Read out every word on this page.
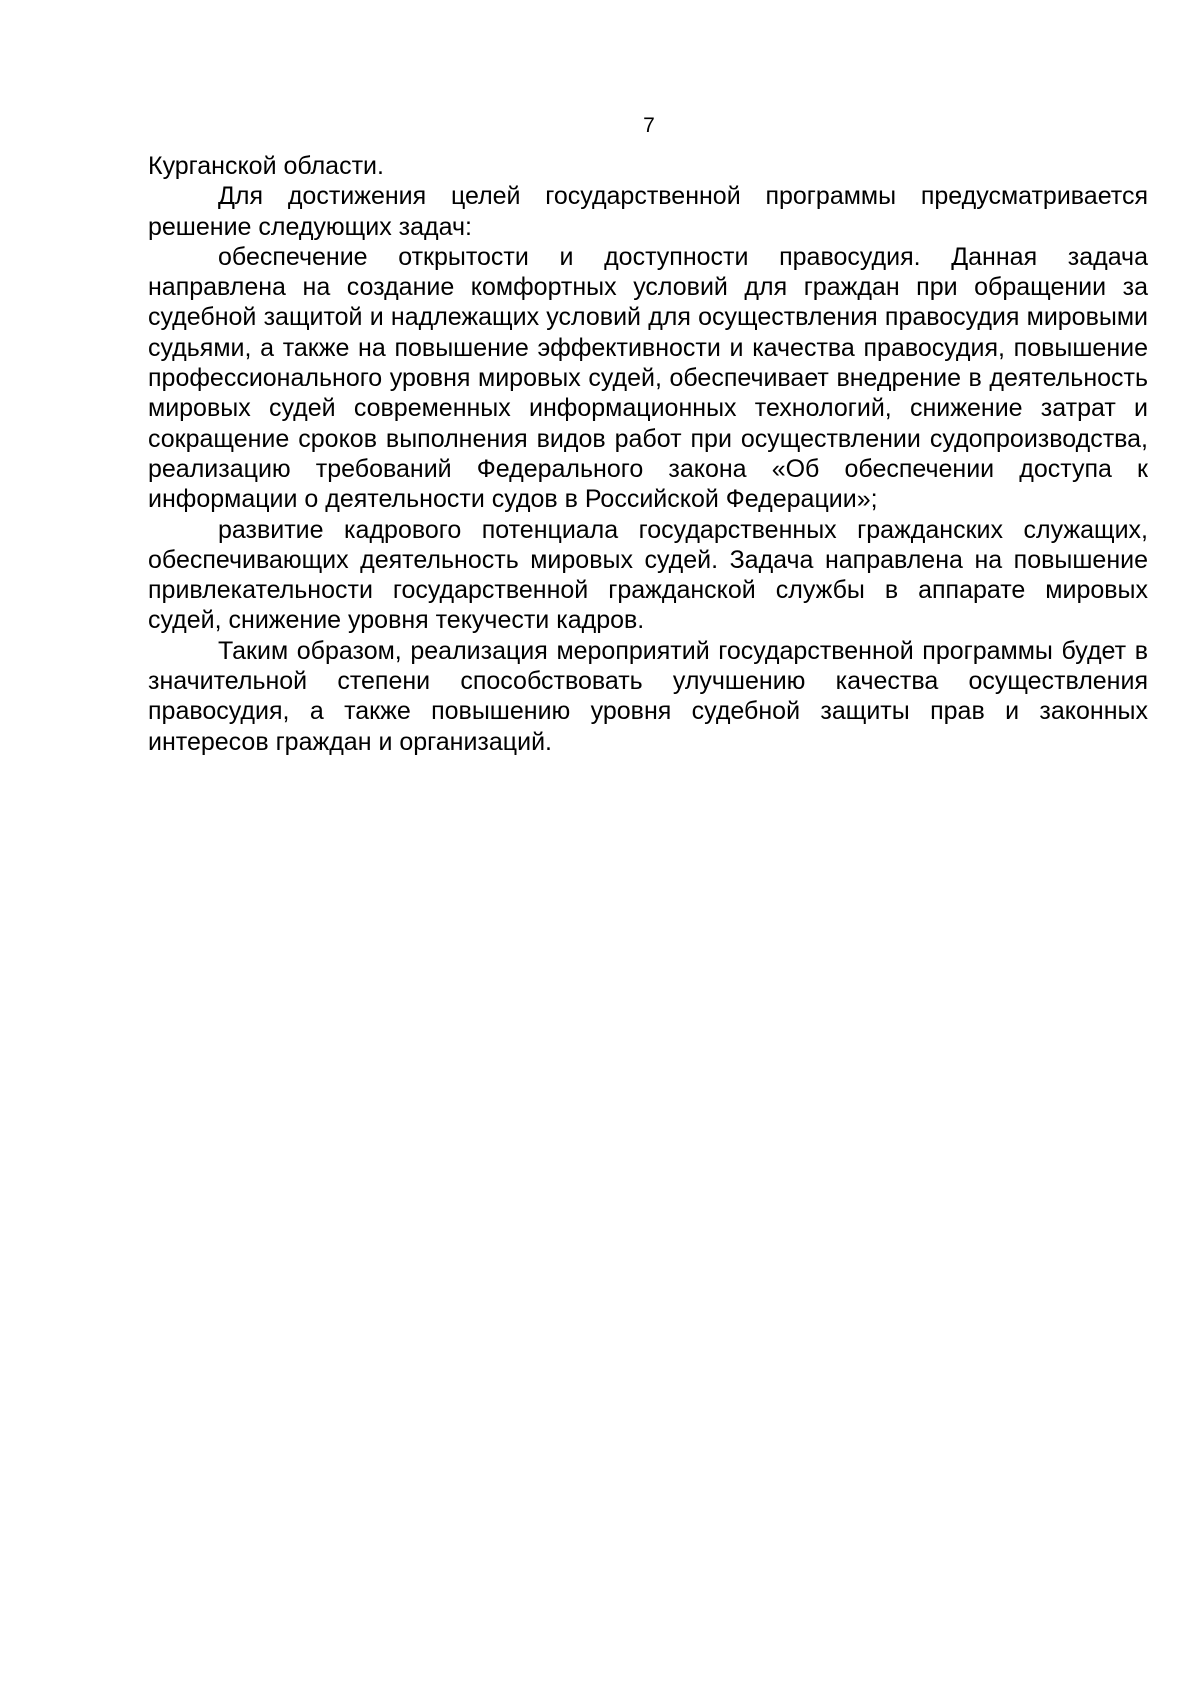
7

Курганской области.

Для достижения целей государственной программы предусматривается решение следующих задач:

обеспечение открытости и доступности правосудия. Данная задача направлена на создание комфортных условий для граждан при обращении за судебной защитой и надлежащих условий для осуществления правосудия мировыми судьями, а также на повышение эффективности и качества правосудия, повышение профессионального уровня мировых судей, обеспечивает внедрение в деятельность мировых судей современных информационных технологий, снижение затрат и сокращение сроков выполнения видов работ при осуществлении судопроизводства, реализацию требований Федерального закона «Об обеспечении доступа к информации о деятельности судов в Российской Федерации»;

развитие кадрового потенциала государственных гражданских служащих, обеспечивающих деятельность мировых судей. Задача направлена на повышение привлекательности государственной гражданской службы в аппарате мировых судей, снижение уровня текучести кадров.

Таким образом, реализация мероприятий государственной программы будет в значительной степени способствовать улучшению качества осуществления правосудия, а также повышению уровня судебной защиты прав и законных интересов граждан и организаций.
